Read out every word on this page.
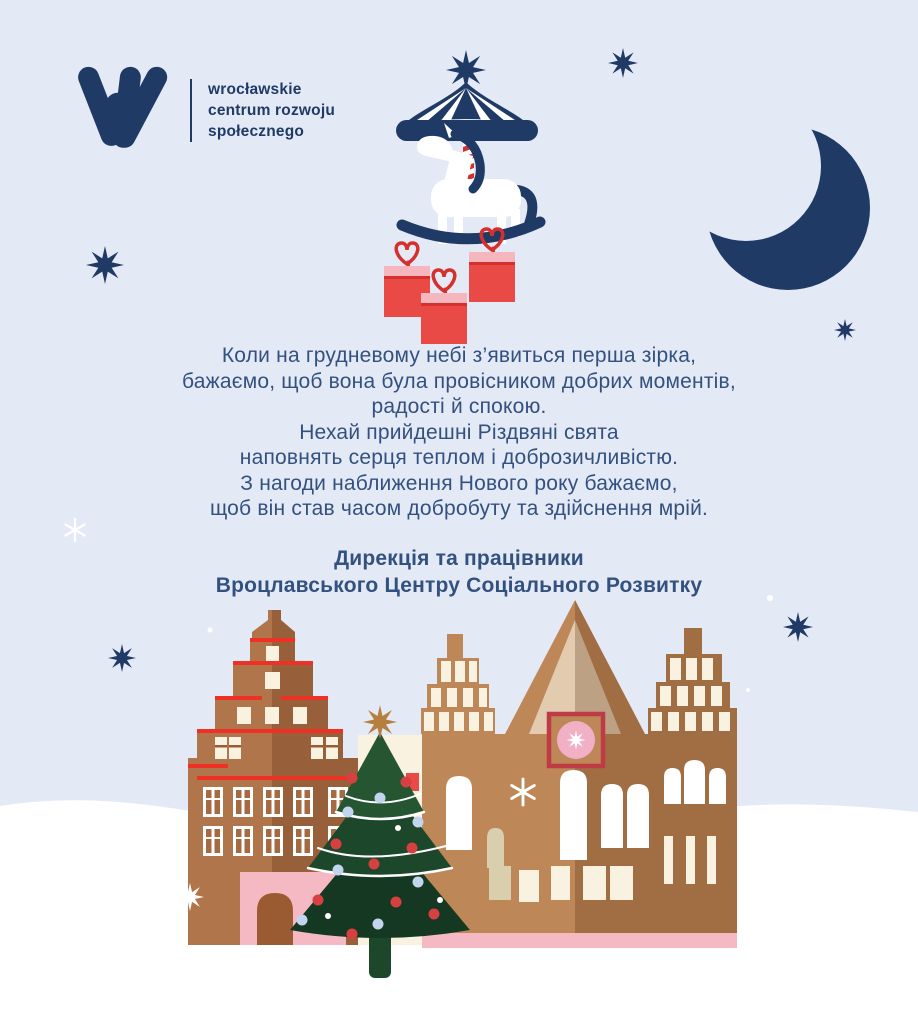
wrocławskie
centrum rozwoju
społecznego
Коли на грудневому небі з’явиться перша зірка,
бажаємо, щоб вона була провісником добрих моментів,
радості й спокою.
Нехай прийдешні Різдвяні свята
наповнять серця теплом і доброзичливістю.
З нагоди наближення Нового року бажаємо,
щоб він став часом добробуту та здійснення мрій.
Дирекція та працівники
Вроцлавського Центру Соціального Розвитку
